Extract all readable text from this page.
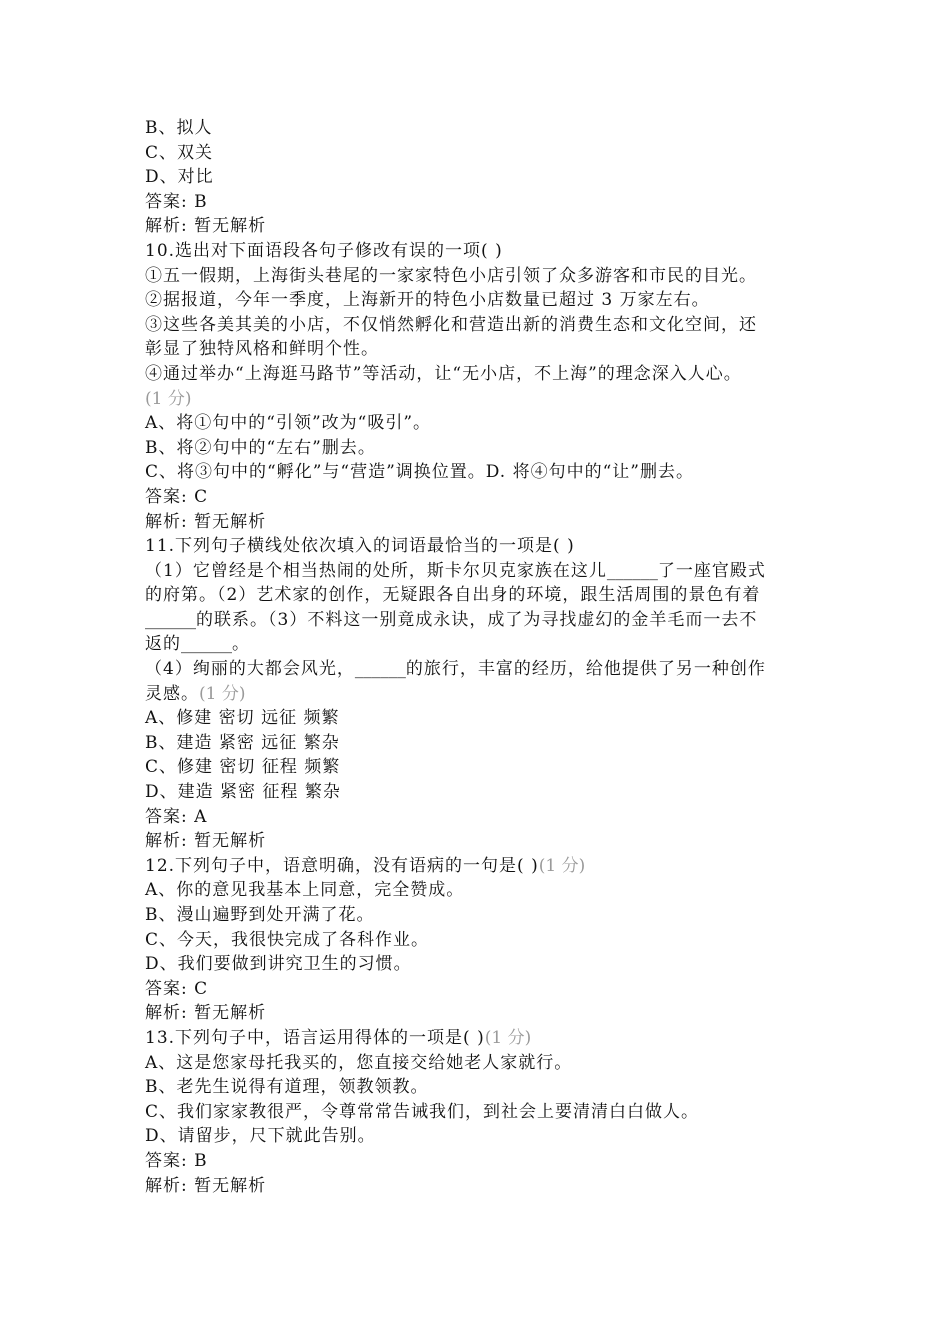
B、拟人
C、双关
D、对比
答案: B
解析: 暂无解析
10.选出对下面语段各句子修改有误的一项( )
①五一假期，上海街头巷尾的一家家特色小店引领了众多游客和市民的目光。
②据报道，今年一季度，上海新开的特色小店数量已超过 3 万家左右。
③这些各美其美的小店，不仅悄然孵化和营造出新的消费生态和文化空间，还
彰显了独特风格和鲜明个性。
④通过举办“上海逛马路节”等活动，让“无小店，不上海”的理念深入人心。
(1 分)
A、将①句中的“引领”改为“吸引”。
B、将②句中的“左右”删去。
C、将③句中的“孵化”与“营造”调换位置。D. 将④句中的“让”删去。
答案: C
解析: 暂无解析
11.下列句子横线处依次填入的词语最恰当的一项是( )
（1）它曾经是个相当热闹的处所，斯卡尔贝克家族在这儿______了一座官殿式
的府第。（2）艺术家的创作，无疑跟各自出身的环境，跟生活周围的景色有着
______的联系。（3）不料这一别竟成永诀，成了为寻找虚幻的金羊毛而一去不
返的______。
（4）绚丽的大都会风光，______的旅行，丰富的经历，给他提供了另一种创作
灵感。(1 分)
A、修建 密切 远征 频繁
B、建造 紧密 远征 繁杂
C、修建 密切 征程 频繁
D、建造 紧密 征程 繁杂
答案: A
解析: 暂无解析
12.下列句子中，语意明确，没有语病的一句是( )(1 分)
A、你的意见我基本上同意，完全赞成。
B、漫山遍野到处开满了花。
C、今天，我很快完成了各科作业。
D、我们要做到讲究卫生的习惯。
答案: C
解析: 暂无解析
13.下列句子中，语言运用得体的一项是( )(1 分)
A、这是您家母托我买的，您直接交给她老人家就行。
B、老先生说得有道理，领教领教。
C、我们家家教很严，令尊常常告诫我们，到社会上要清清白白做人。
D、请留步，尺下就此告别。
答案: B
解析: 暂无解析
